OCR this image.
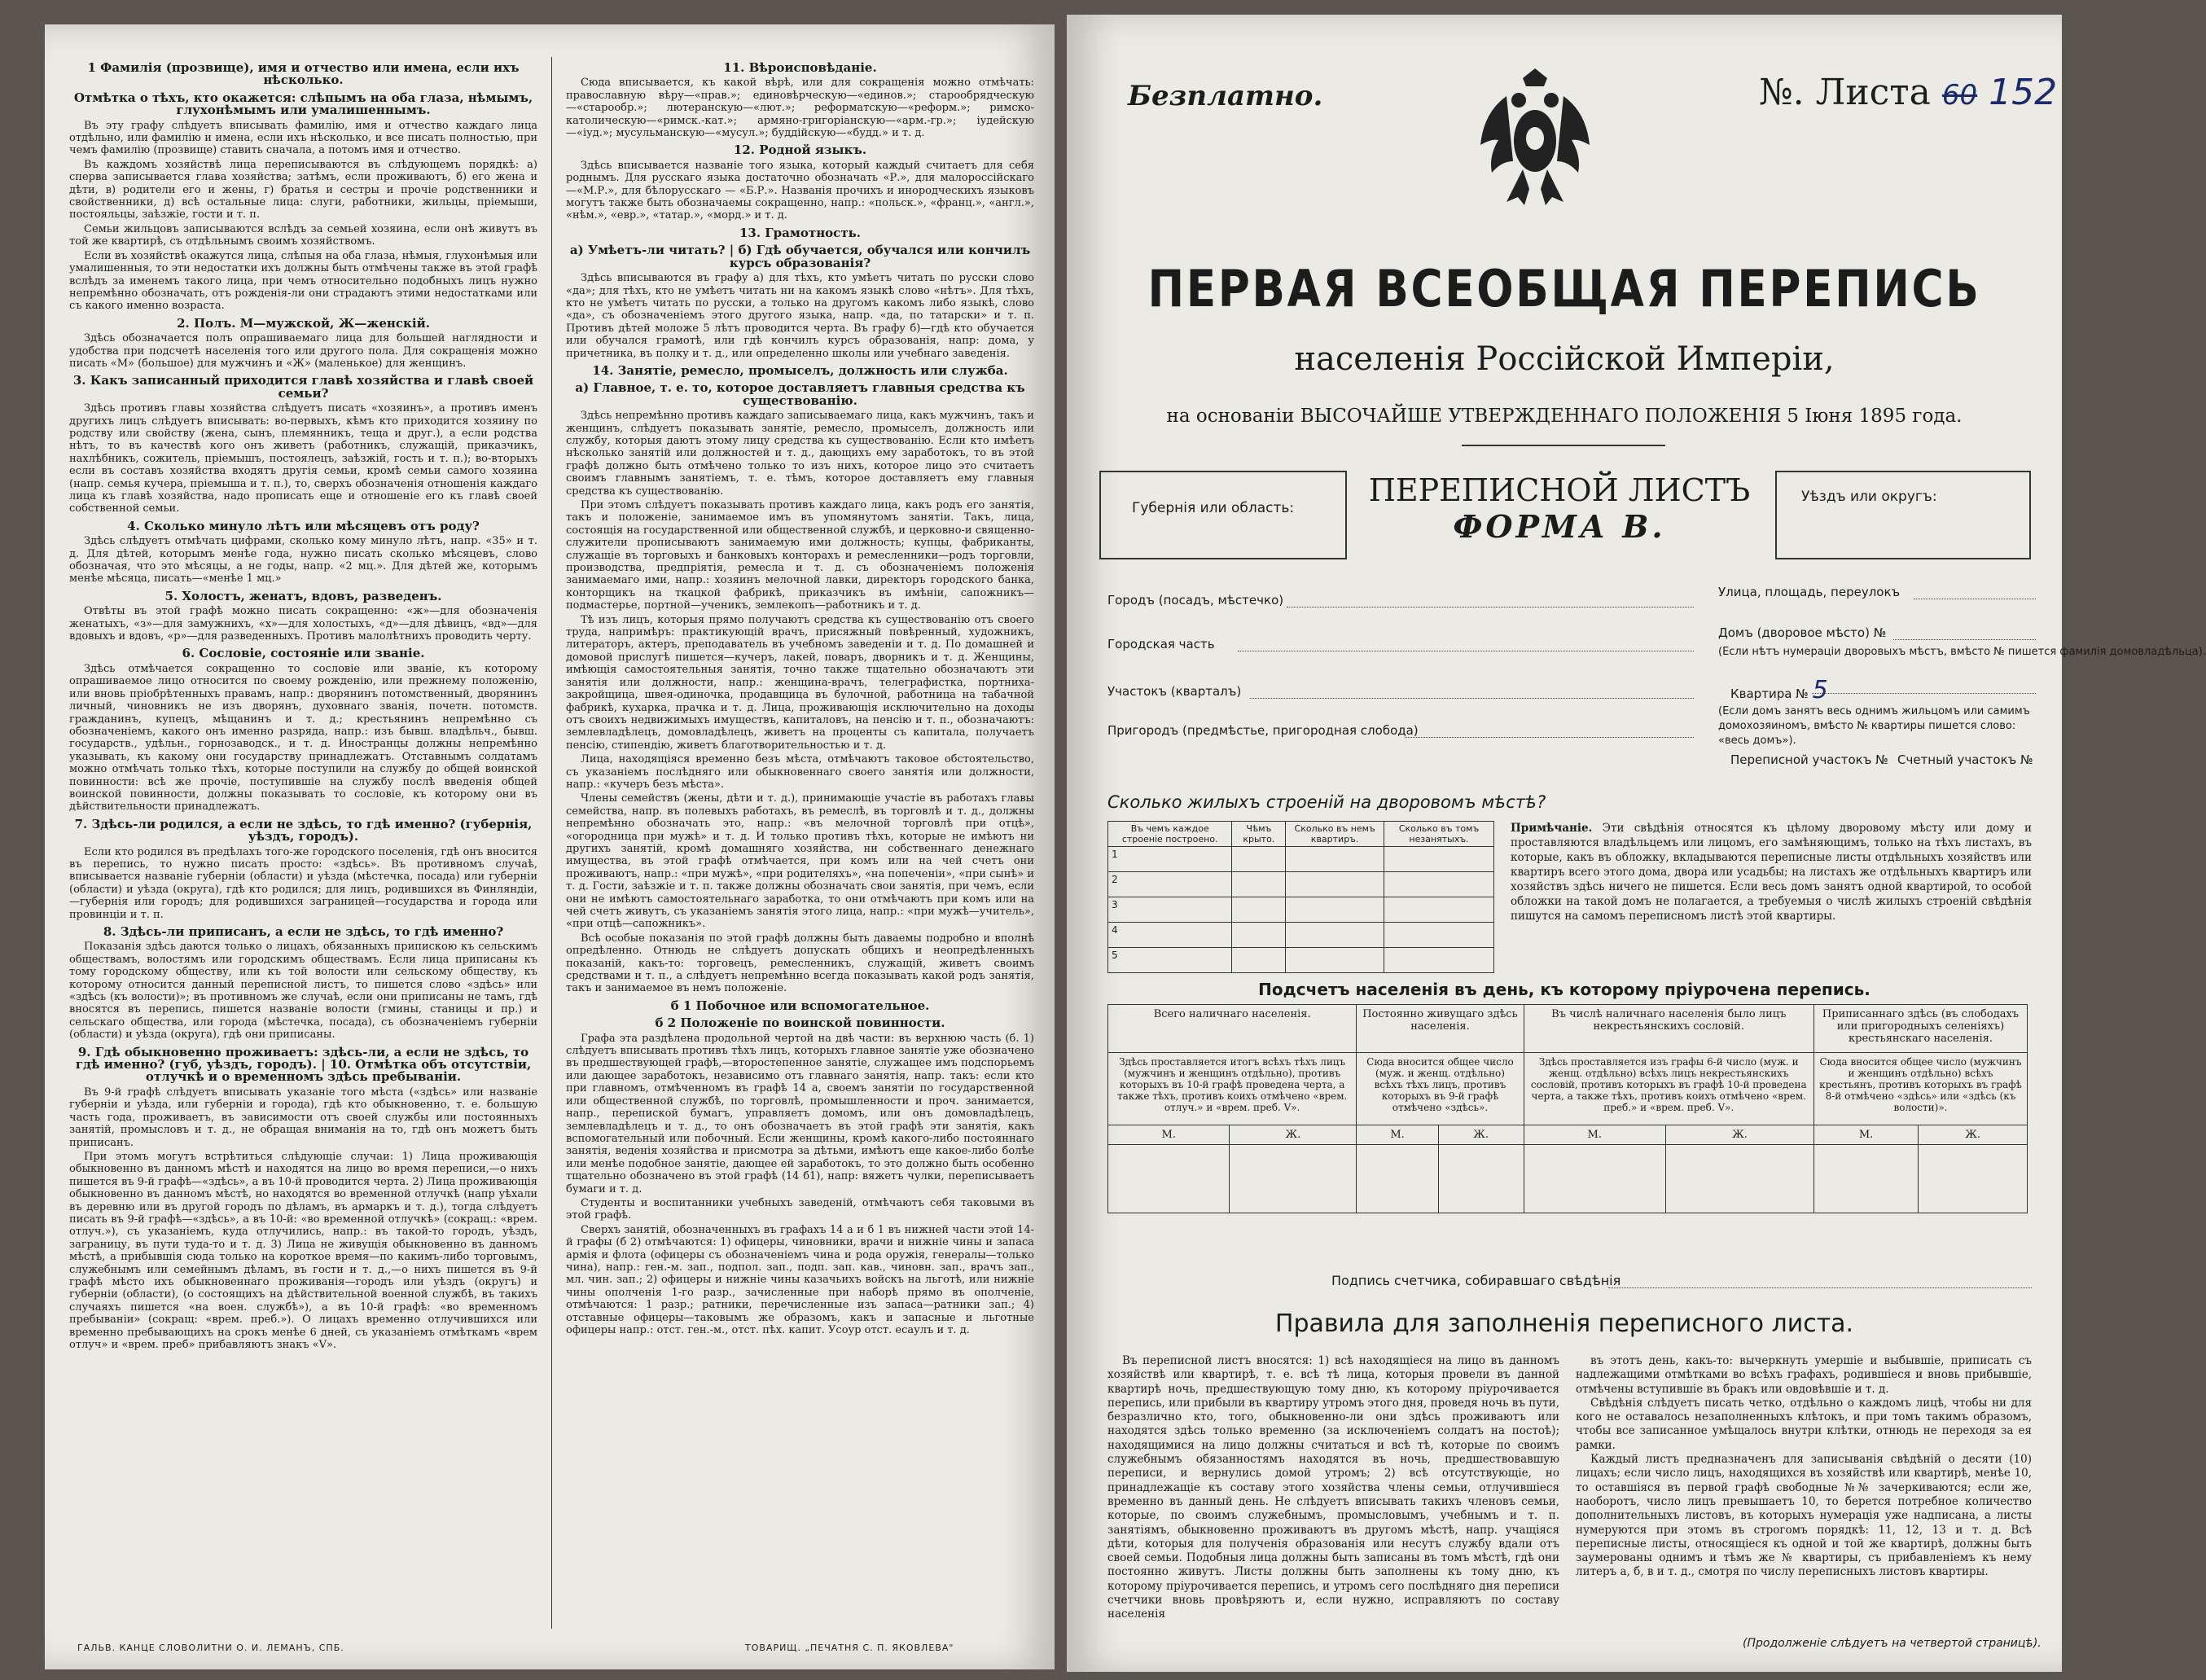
1 Фамилія (прозвище), имя и отчество или имена, если ихъ нѣсколько.

Отмѣтка о тѣхъ, кто окажется: слѣпымъ на оба глаза, нѣмымъ, глухонѣмымъ или умалишеннымъ.

Въ эту графу слѣдуетъ вписывать фамилію, имя и отчество каждаго лица отдѣльно, или фамилію и имена, если ихъ нѣсколько, и все писать полностью, при чемъ фамилію (прозвище) ставить сначала, а потомъ имя и отчество.

Въ каждомъ хозяйствѣ лица переписываются въ слѣдующемъ порядкѣ: а) сперва записывается глава хозяйства; затѣмъ, если проживаютъ, б) его жена и дѣти, в) родители его и жены, г) братья и сестры и прочіе родственники и свойственники, д) всѣ остальные лица: слуги, работники, жильцы, пріемыши, постояльцы, заѣзжіе, гости и т. п.

Семьи жильцовъ записываются вслѣдъ за семьей хозяина, если онѣ живутъ въ той же квартирѣ, съ отдѣльнымъ своимъ хозяйствомъ.

Если въ хозяйствѣ окажутся лица, слѣпыя на оба глаза, нѣмыя, глухонѣмыя или умалишенныя, то эти недостатки ихъ должны быть отмѣчены также въ этой графѣ вслѣдъ за именемъ такого лица, при чемъ относительно подобныхъ лицъ нужно непремѣнно обозначать, отъ рожденія-ли они страдаютъ этими недостатками или съ какого именно возраста.

2. Полъ. М—мужской, Ж—женскій.

Здѣсь обозначается полъ опрашиваемаго лица для большей наглядности и удобства при подсчетѣ населенія того или другого пола. Для сокращенія можно писать «М» (большое) для мужчинъ и «Ж» (маленькое) для женщинъ.

3. Какъ записанный приходится главѣ хозяйства и главѣ своей семьи?

Здѣсь противъ главы хозяйства слѣдуетъ писать «хозяинъ», а противъ именъ другихъ лицъ слѣдуетъ вписывать: во-первыхъ, кѣмъ кто приходится хозяину по родству или свойству (жена, сынъ, племянникъ, теща и друг.), а если родства нѣтъ, то въ качествѣ кого онъ живетъ (работникъ, служащій, приказчикъ, нахлѣбникъ, сожитель, пріемышъ, постоялецъ, заѣзжій, гость и т. п.); во-вторыхъ если въ составъ хозяйства входятъ другія семьи, кромѣ семьи самого хозяина (напр. семья кучера, пріемыша и т. п.), то, сверхъ обозначенія отношенія каждаго лица къ главѣ хозяйства, надо прописать еще и отношеніе его къ главѣ своей собственной семьи.

4. Сколько минуло лѣтъ или мѣсяцевъ отъ роду?

Здѣсь слѣдуетъ отмѣчать цифрами, сколько кому минуло лѣтъ, напр. «35» и т. д. Для дѣтей, которымъ менѣе года, нужно писать сколько мѣсяцевъ, слово обозначая, что это мѣсяцы, а не годы, напр. «2 мц.». Для дѣтей же, которымъ менѣе мѣсяца, писать—«менѣе 1 мц.»

5. Холостъ, женатъ, вдовъ, разведенъ.

Отвѣты въ этой графѣ можно писать сокращенно: «ж»—для обозначенія женатыхъ, «з»—для замужнихъ, «х»—для холостыхъ, «д»—для дѣвицъ, «вд»—для вдовыхъ и вдовъ, «р»—для разведенныхъ. Противъ малолѣтнихъ проводить черту.

6. Сословіе, состояніе или званіе.

Здѣсь отмѣчается сокращенно то сословіе или званіе, къ которому опрашиваемое лицо относится по своему рожденію, или прежнему положенію, или вновь пріобрѣтенныхъ правамъ, напр.: дворянинъ потомственный, дворянинъ личный, чиновникъ не изъ дворянъ, духовнаго званія, почетн. потомств. гражданинъ, купецъ, мѣщанинъ и т. д.; крестьянинъ непремѣнно съ обозначеніемъ, какого онъ именно разряда, напр.: изъ бывш. владѣльч., бывш. государств., удѣльн., горнозаводск., и т. д. Иностранцы должны непремѣнно указывать, къ какому они государству принадлежатъ. Отставнымъ солдатамъ можно отмѣчать только тѣхъ, которые поступили на службу до общей воинской повинности: всѣ же прочіе, поступившіе на службу послѣ введенія общей воинской повинности, должны показывать то сословіе, къ которому они въ дѣйствительности принадлежатъ.

7. Здѣсь-ли родился, а если не здѣсь, то гдѣ именно? (губернія, уѣздъ, городъ).

Если кто родился въ предѣлахъ того-же городского поселенія, гдѣ онъ вносится въ перепись, то нужно писать просто: «здѣсь». Въ противномъ случаѣ, вписывается названіе губерніи (области) и уѣзда (мѣстечка, посада) или губерніи (области) и уѣзда (округа), гдѣ кто родился; для лицъ, родившихся въ Финляндіи,—губернія или городъ; для родившихся заграницей—государства и города или провинціи и т. п.

8. Здѣсь-ли приписанъ, а если не здѣсь, то гдѣ именно?

Показанія здѣсь даются только о лицахъ, обязанныхъ припискою къ сельскимъ обществамъ, волостямъ или городскимъ обществамъ. Если лица приписаны къ тому городскому обществу, или къ той волости или сельскому обществу, къ которому относится данный переписной листъ, то пишется слово «здѣсь» или «здѣсь (къ волости)»; въ противномъ же случаѣ, если они приписаны не тамъ, гдѣ вносятся въ перепись, пишется названіе волости (гмины, станицы и пр.) и сельскаго общества, или города (мѣстечка, посада), съ обозначеніемъ губерніи (области) и уѣзда (округа), гдѣ они приписаны.

9. Гдѣ обыкновенно проживаетъ: здѣсь-ли, а если не здѣсь, то гдѣ именно? (губ, уѣздъ, городъ). | 10. Отмѣтка объ отсутствіи, отлучкѣ и о временномъ здѣсь пребываніи.

Въ 9-й графѣ слѣдуетъ вписывать указаніе того мѣста («здѣсь» или названіе губерніи и уѣзда, или губерніи и города), гдѣ кто обыкновенно, т. е. большую часть года, проживаетъ, въ зависимости отъ своей службы или постоянныхъ занятій, промысловъ и т. д., не обращая вниманія на то, гдѣ онъ можетъ быть приписанъ.

При этомъ могутъ встрѣтиться слѣдующіе случаи: 1) Лица проживающія обыкновенно въ данномъ мѣстѣ и находятся на лицо во время переписи,—о нихъ пишется въ 9-й графѣ—«здѣсь», а въ 10-й проводится черта. 2) Лица проживающія обыкновенно въ данномъ мѣстѣ, но находятся во временной отлучкѣ (напр уѣхали въ деревню или въ другой городъ по дѣламъ, въ армаркъ и т. д.), тогда слѣдуетъ писать въ 9-й графѣ—«здѣсь», а въ 10-й: «во временной отлучкѣ» (сокращ.: «врем. отлуч.»), съ указаніемъ, куда отлучились, напр.: въ такой-то городъ, уѣздъ, заграницу, въ пути туда-то и т. д. 3) Лица не живущія обыкновенно въ данномъ мѣстѣ, а прибывшія сюда только на короткое время—по какимъ-либо торговымъ, служебнымъ или семейнымъ дѣламъ, въ гости и т. д.,—о нихъ пишется въ 9-й графѣ мѣсто ихъ обыкновеннаго проживанія—городъ или уѣздъ (округъ) и губерніи (области), (о состоящихъ на дѣйствительной военной службѣ, въ такихъ случаяхъ пишется «на воен. службѣ»), а въ 10-й графѣ: «во временномъ пребываніи» (сокращ: «врем. преб.»). О лицахъ временно отлучившихся или временно пребывающихъ на срокъ менѣе 6 дней, съ указаніемъ отмѣткамъ «врем отлуч» и «врем. преб» прибавляютъ знакъ «V».

11. Вѣроисповѣданіе.

Сюда вписывается, къ какой вѣрѣ, или для сокращенія можно отмѣчать: православную вѣру—«прав.»; единовѣрческую—«единов.»; старообрядческую—«старообр.»; лютеранскую—«лют.»; реформатскую—«реформ.»; римско-католическую—«римск.-кат.»; армяно-григоріанскую—«арм.-гр.»; іудейскую—«іуд.»; мусульманскую—«мусул.»; буддійскую—«будд.» и т. д.

12. Родной языкъ.

Здѣсь вписывается названіе того языка, который каждый считаетъ для себя роднымъ. Для русскаго языка достаточно обозначать «Р.», для малороссійскаго—«М.Р.», для бѣлорусскаго — «Б.Р.». Названія прочихъ и инородческихъ языковъ могутъ также быть обозначаемы сокращенно, напр.: «польск.», «франц.», «англ.», «нѣм.», «евр.», «татар.», «морд.» и т. д.

13. Грамотность.

а) Умѣетъ-ли читать? | б) Гдѣ обучается, обучался или кончилъ курсъ образованія?

Здѣсь вписываются въ графу а) для тѣхъ, кто умѣетъ читать по русски слово «да»; для тѣхъ, кто не умѣетъ читать ни на какомъ языкѣ слово «нѣтъ». Для тѣхъ, кто не умѣетъ читать по русски, а только на другомъ какомъ либо языкѣ, слово «да», съ обозначеніемъ этого другого языка, напр. «да, по татарски» и т. п. Противъ дѣтей моложе 5 лѣтъ проводится черта. Въ графу б)—гдѣ кто обучается или обучался грамотѣ, или гдѣ кончилъ курсъ образованія, напр: дома, у причетника, въ полку и т. д., или определенно школы или учебнаго заведенія.

14. Занятіе, ремесло, промыселъ, должность или служба.

а) Главное, т. е. то, которое доставляетъ главныя средства къ существованію.

Здѣсь непремѣнно противъ каждаго записываемаго лица, какъ мужчинъ, такъ и женщинъ, слѣдуетъ показывать занятіе, ремесло, промыселъ, должность или службу, которыя даютъ этому лицу средства къ существованію. Если кто имѣетъ нѣсколько занятій или должностей и т. д., дающихъ ему заработокъ, то въ этой графѣ должно быть отмѣчено только то изъ нихъ, которое лицо это считаетъ своимъ главнымъ занятіемъ, т. е. тѣмъ, которое доставляетъ ему главныя средства къ существованію.

При этомъ слѣдуетъ показывать противъ каждаго лица, какъ родъ его занятія, такъ и положеніе, занимаемое имъ въ упомянутомъ занятіи. Такъ, лица, состоящія на государственной или общественной службѣ, и церковно-и священно-служители прописываютъ занимаемую ими должность; купцы, фабриканты, служащіе въ торговыхъ и банковыхъ конторахъ и ремесленники—родъ торговли, производства, предпріятія, ремесла и т. д. съ обозначеніемъ положенія занимаемаго ими, напр.: хозяинъ мелочной лавки, директоръ городского банка, конторщикъ на ткацкой фабрикѣ, приказчикъ въ имѣніи, сапожникъ—подмастерье, портной—ученикъ, землекопъ—работникъ и т. д.

Тѣ изъ лицъ, которыя прямо получаютъ средства къ существованію отъ своего труда, напримѣръ: практикующій врачъ, присяжный повѣренный, художникъ, литераторъ, актеръ, преподаватель въ учебномъ заведеніи и т. д. По домашней и домовой прислугѣ пишется—кучеръ, лакей, поваръ, дворникъ и т. д. Женщины, имѣющія самостоятельныя занятія, точно также тщательно обозначаютъ эти занятія или должности, напр.: женщина-врачъ, телеграфистка, портниха-закройщица, швея-одиночка, продавщица въ булочной, работница на табачной фабрикѣ, кухарка, прачка и т. д. Лица, проживающія исключительно на доходы отъ своихъ недвижимыхъ имуществъ, капиталовъ, на пенсію и т. п., обозначаютъ: землевладѣлецъ, домовладѣлецъ, живетъ на проценты съ капитала, получаетъ пенсію, стипендію, живетъ благотворительностью и т. д.

Лица, находящіяся временно безъ мѣста, отмѣчаютъ таковое обстоятельство, съ указаніемъ послѣдняго или обыкновеннаго своего занятія или должности, напр.: «кучеръ безъ мѣста».

Члены семействъ (жены, дѣти и т. д.), принимающіе участіе въ работахъ главы семейства, напр. въ полевыхъ работахъ, въ ремеслѣ, въ торговлѣ и т. д., должны непремѣнно обозначать это, напр.: «въ мелочной торговлѣ при отцѣ», «огородница при мужѣ» и т. д. И только противъ тѣхъ, которые не имѣютъ ни другихъ занятій, кромѣ домашняго хозяйства, ни собственнаго денежнаго имущества, въ этой графѣ отмѣчается, при комъ или на чей счетъ они проживаютъ, напр.: «при мужѣ», «при родителяхъ», «на попеченіи», «при сынѣ» и т. д. Гости, заѣзжіе и т. п. также должны обозначать свои занятія, при чемъ, если они не имѣютъ самостоятельнаго заработка, то они отмѣчаютъ при комъ или на чей счетъ живутъ, съ указаніемъ занятія этого лица, напр.: «при мужѣ—учитель», «при отцѣ—сапожникъ».

Всѣ особые показанія по этой графѣ должны быть даваемы подробно и вполнѣ опредѣленно. Отнюдь не слѣдуетъ допускать общихъ и неопредѣленныхъ показаній, какъ-то: торговецъ, ремесленникъ, служащій, живетъ своимъ средствами и т. п., а слѣдуетъ непремѣнно всегда показывать какой родъ занятія, такъ и занимаемое въ немъ положеніе.

б 1 Побочное или вспомогательное.

б 2 Положеніе по воинской повинности.

Графа эта раздѣлена продольной чертой на двѣ части: въ верхнюю часть (б. 1) слѣдуетъ вписывать противъ тѣхъ лицъ, которыхъ главное занятіе уже обозначено въ предшествующей графѣ,—второстепенное занятіе, служащее имъ подспорьемъ или дающее заработокъ, независимо отъ главнаго занятія, напр. такъ: если кто при главномъ, отмѣченномъ въ графѣ 14 а, своемъ занятіи по государственной или общественной службѣ, по торговлѣ, промышленности и проч. занимается, напр., перепиской бумагъ, управляетъ домомъ, или онъ домовладѣлецъ, землевладѣлецъ и т. д., то онъ обозначаетъ въ этой графѣ эти занятія, какъ вспомогательный или побочный. Если женщины, кромѣ какого-либо постояннаго занятія, веденія хозяйства и присмотра за дѣтьми, имѣютъ еще какое-либо болѣе или менѣе подобное занятіе, дающее ей заработокъ, то это должно быть особенно тщательно обозначено въ этой графѣ (14 б1), напр: вяжетъ чулки, переписываетъ бумаги и т. д.

Студенты и воспитанники учебныхъ заведеній, отмѣчаютъ себя таковыми въ этой графѣ.

Сверхъ занятій, обозначенныхъ въ графахъ 14 а и б 1 въ нижней части этой 14-й графы (б 2) отмѣчаются: 1) офицеры, чиновники, врачи и нижніе чины и запаса армія и флота (офицеры съ обозначеніемъ чина и рода оружія, генералы—только чина), напр.: ген.-м. зап., подпол. зап., подп. зап. кав., чиновн. зап., врачъ зап., мл. чин. зап.; 2) офицеры и нижніе чины казачьихъ войскъ на льготѣ, или нижніе чины ополченія 1-го разр., зачисленные при наборѣ прямо въ ополченіе, отмѣчаются: 1 разр.; ратники, перечисленные изъ запаса—ратники зап.; 4) отставные офицеры—таковымъ же образомъ, какъ и запасные и льготные офицеры напр.: отст. ген.-м., отст. пѣх. капит. Усоур отст. есаулъ и т. д.

ГАЛЬВ. КАНЦЕ СЛОВОЛИТНИ О. И. ЛЕМАНЪ, СПБ.	ТОВАРИЩ. „ПЕЧАТНЯ С. П. ЯКОВЛЕВА"
Безплатно.	№. Листа 60 152
ПЕРВАЯ ВСЕОБЩАЯ ПЕРЕПИСЬ
населенія Россійской Имперіи,
на основаніи ВЫСОЧАЙШЕ УТВЕРЖДЕННАГО ПОЛОЖЕНІЯ 5 Іюня 1895 года.
Губернія или область:	ПЕРЕПИСНОЙ ЛИСТЪ
ФОРМА В.
Уѣздъ или округъ:
Городъ (посадъ, мѣстечко)
Городская часть
Участокъ (кварталъ)
Пригородъ (предмѣстье, пригородная слобода)
Улица, площадь, переулокъ
Домъ (дворовое мѣсто) №
(Если нѣтъ нумераціи дворовыхъ мѣстъ, вмѣсто № пишется фамилія домовладѣльца).
Квартира № 5
(Если домъ занятъ весь однимъ жильцомъ или самимъ домохозяиномъ, вмѣсто № квартиры пишется слово: «весь домъ»).
Переписной участокъ № Счетный участокъ №
Сколько жилыхъ строеній на дворовомъ мѣстѣ?
Въ чемъ каждое строеніе построено.	Чѣмъ крыто.	Сколько въ немъ квартиръ.	Сколько въ томъ незанятыхъ.
1			
2			
3			
4			
5			
Примѣчаніе. Эти свѣдѣнія относятся къ цѣлому дворовому мѣсту или дому и проставляются владѣльцемъ или лицомъ, его замѣняющимъ, только на тѣхъ листахъ, въ которые, какъ въ обложку, вкладываются переписные листы отдѣльныхъ хозяйствъ или квартиръ всего этого дома, двора или усадьбы; на листахъ же отдѣльныхъ квартиръ или хозяйствъ здѣсь ничего не пишется. Если весь домъ занятъ одной квартирой, то особой обложки на такой домъ не полагается, а требуемыя о числѣ жилыхъ строеній свѣдѣнія пишутся на самомъ переписномъ листѣ этой квартиры.
Подсчетъ населенія въ день, къ которому пріурочена перепись.
Всего наличнаго населенія.		Постоянно живущаго здѣсь населенія.		Въ числѣ наличнаго населенія было лицъ некрестьянскихъ сословій.		Приписаннаго здѣсь (въ слободахъ или пригородныхъ селеніяхъ) крестьянскаго населенія.	
Здѣсь проставляется итогъ всѣхъ тѣхъ лицъ (мужчинъ и женщинъ отдѣльно), противъ которыхъ въ 10-й графѣ проведена черта, а также тѣхъ, противъ коихъ отмѣчено «врем. отлуч.» и «врем. преб. V».		Сюда вносится общее число (муж. и женщ. отдѣльно) всѣхъ тѣхъ лицъ, противъ которыхъ въ 9-й графѣ отмѣчено «здѣсь».		Здѣсь проставляется изъ графы 6-й число (муж. и женщ. отдѣльно) всѣхъ лицъ некрестьянскихъ сословій, противъ которыхъ въ графѣ 10-й проведена черта, а также тѣхъ, противъ коихъ отмѣчено «врем. преб.» и «врем. преб. V».		Сюда вносится общее число (мужчинъ и женщинъ отдѣльно) всѣхъ крестьянъ, противъ которыхъ въ графѣ 8-й отмѣчено «здѣсь» или «здѣсь (къ волости)».	
М.	Ж.	М.	Ж.	М.	Ж.	М.	Ж.

Подпись счетчика, собиравшаго свѣдѣнія
Правила для заполненія переписного листа.

Въ переписной листъ вносятся: 1) всѣ находящіеся на лицо въ данномъ хозяйствѣ или квартирѣ, т. е. всѣ тѣ лица, которыя провели въ данной квартирѣ ночь, предшествующую тому дню, къ которому пріурочивается перепись, или прибыли въ квартиру утромъ этого дня, проведя ночь въ пути, безразлично кто, того, обыкновенно-ли они здѣсь проживаютъ или находятся здѣсь только временно (за исключеніемъ солдатъ на постоѣ); находящимися на лицо должны считаться и всѣ тѣ, которые по своимъ служебнымъ обязанностямъ находятся въ ночь, предшествовавшую переписи, и вернулись домой утромъ; 2) всѣ отсутствующіе, но принадлежащіе къ составу этого хозяйства члены семьи, отлучившіеся временно въ данный день. Не слѣдуетъ вписывать такихъ членовъ семьи, которые, по своимъ служебнымъ, промысловымъ, учебнымъ и т. п. занятіямъ, обыкновенно проживаютъ въ другомъ мѣстѣ, напр. учащіяся дѣти, которыя для полученія образованія или несутъ службу вдали отъ своей семьи. Подобныя лица должны быть записаны въ томъ мѣстѣ, гдѣ они постоянно живутъ. Листы должны быть заполнены къ тому дню, къ которому пріурочивается перепись, и утромъ сего послѣдняго дня переписи счетчики вновь провѣряютъ и, если нужно, исправляютъ по составу населенія

въ этотъ день, какъ-то: вычеркнуть умершіе и выбывшіе, приписать съ надлежащими отмѣтками во всѣхъ графахъ, родившіеся и вновь прибывшіе, отмѣчены вступившіе въ бракъ или овдовѣвшіе и т. д.

Свѣдѣнія слѣдуетъ писать четко, отдѣльно о каждомъ лицѣ, чтобы ни для кого не оставалось незаполненныхъ клѣтокъ, и при томъ такимъ образомъ, чтобы все записанное умѣщалось внутри клѣтки, отнюдь не переходя за ея рамки.

Каждый листъ предназначенъ для записыванія свѣдѣній о десяти (10) лицахъ; если число лицъ, находящихся въ хозяйствѣ или квартирѣ, менѣе 10, то оставшіяся въ первой графѣ свободные №№ зачеркиваются; если же, наоборотъ, число лицъ превышаетъ 10, то берется потребное количество дополнительныхъ листовъ, въ которыхъ нумерація уже надписана, а листы нумеруются при этомъ въ строгомъ порядкѣ: 11, 12, 13 и т. д. Всѣ переписные листы, относящіеся къ одной и той же квартирѣ, должны быть заумерованы однимъ и тѣмъ же № квартиры, съ прибавленіемъ къ нему литеръ а, б, в и т. д., смотря по числу переписныхъ листовъ квартиры.

(Продолженіе слѣдуетъ на четвертой страницѣ).
